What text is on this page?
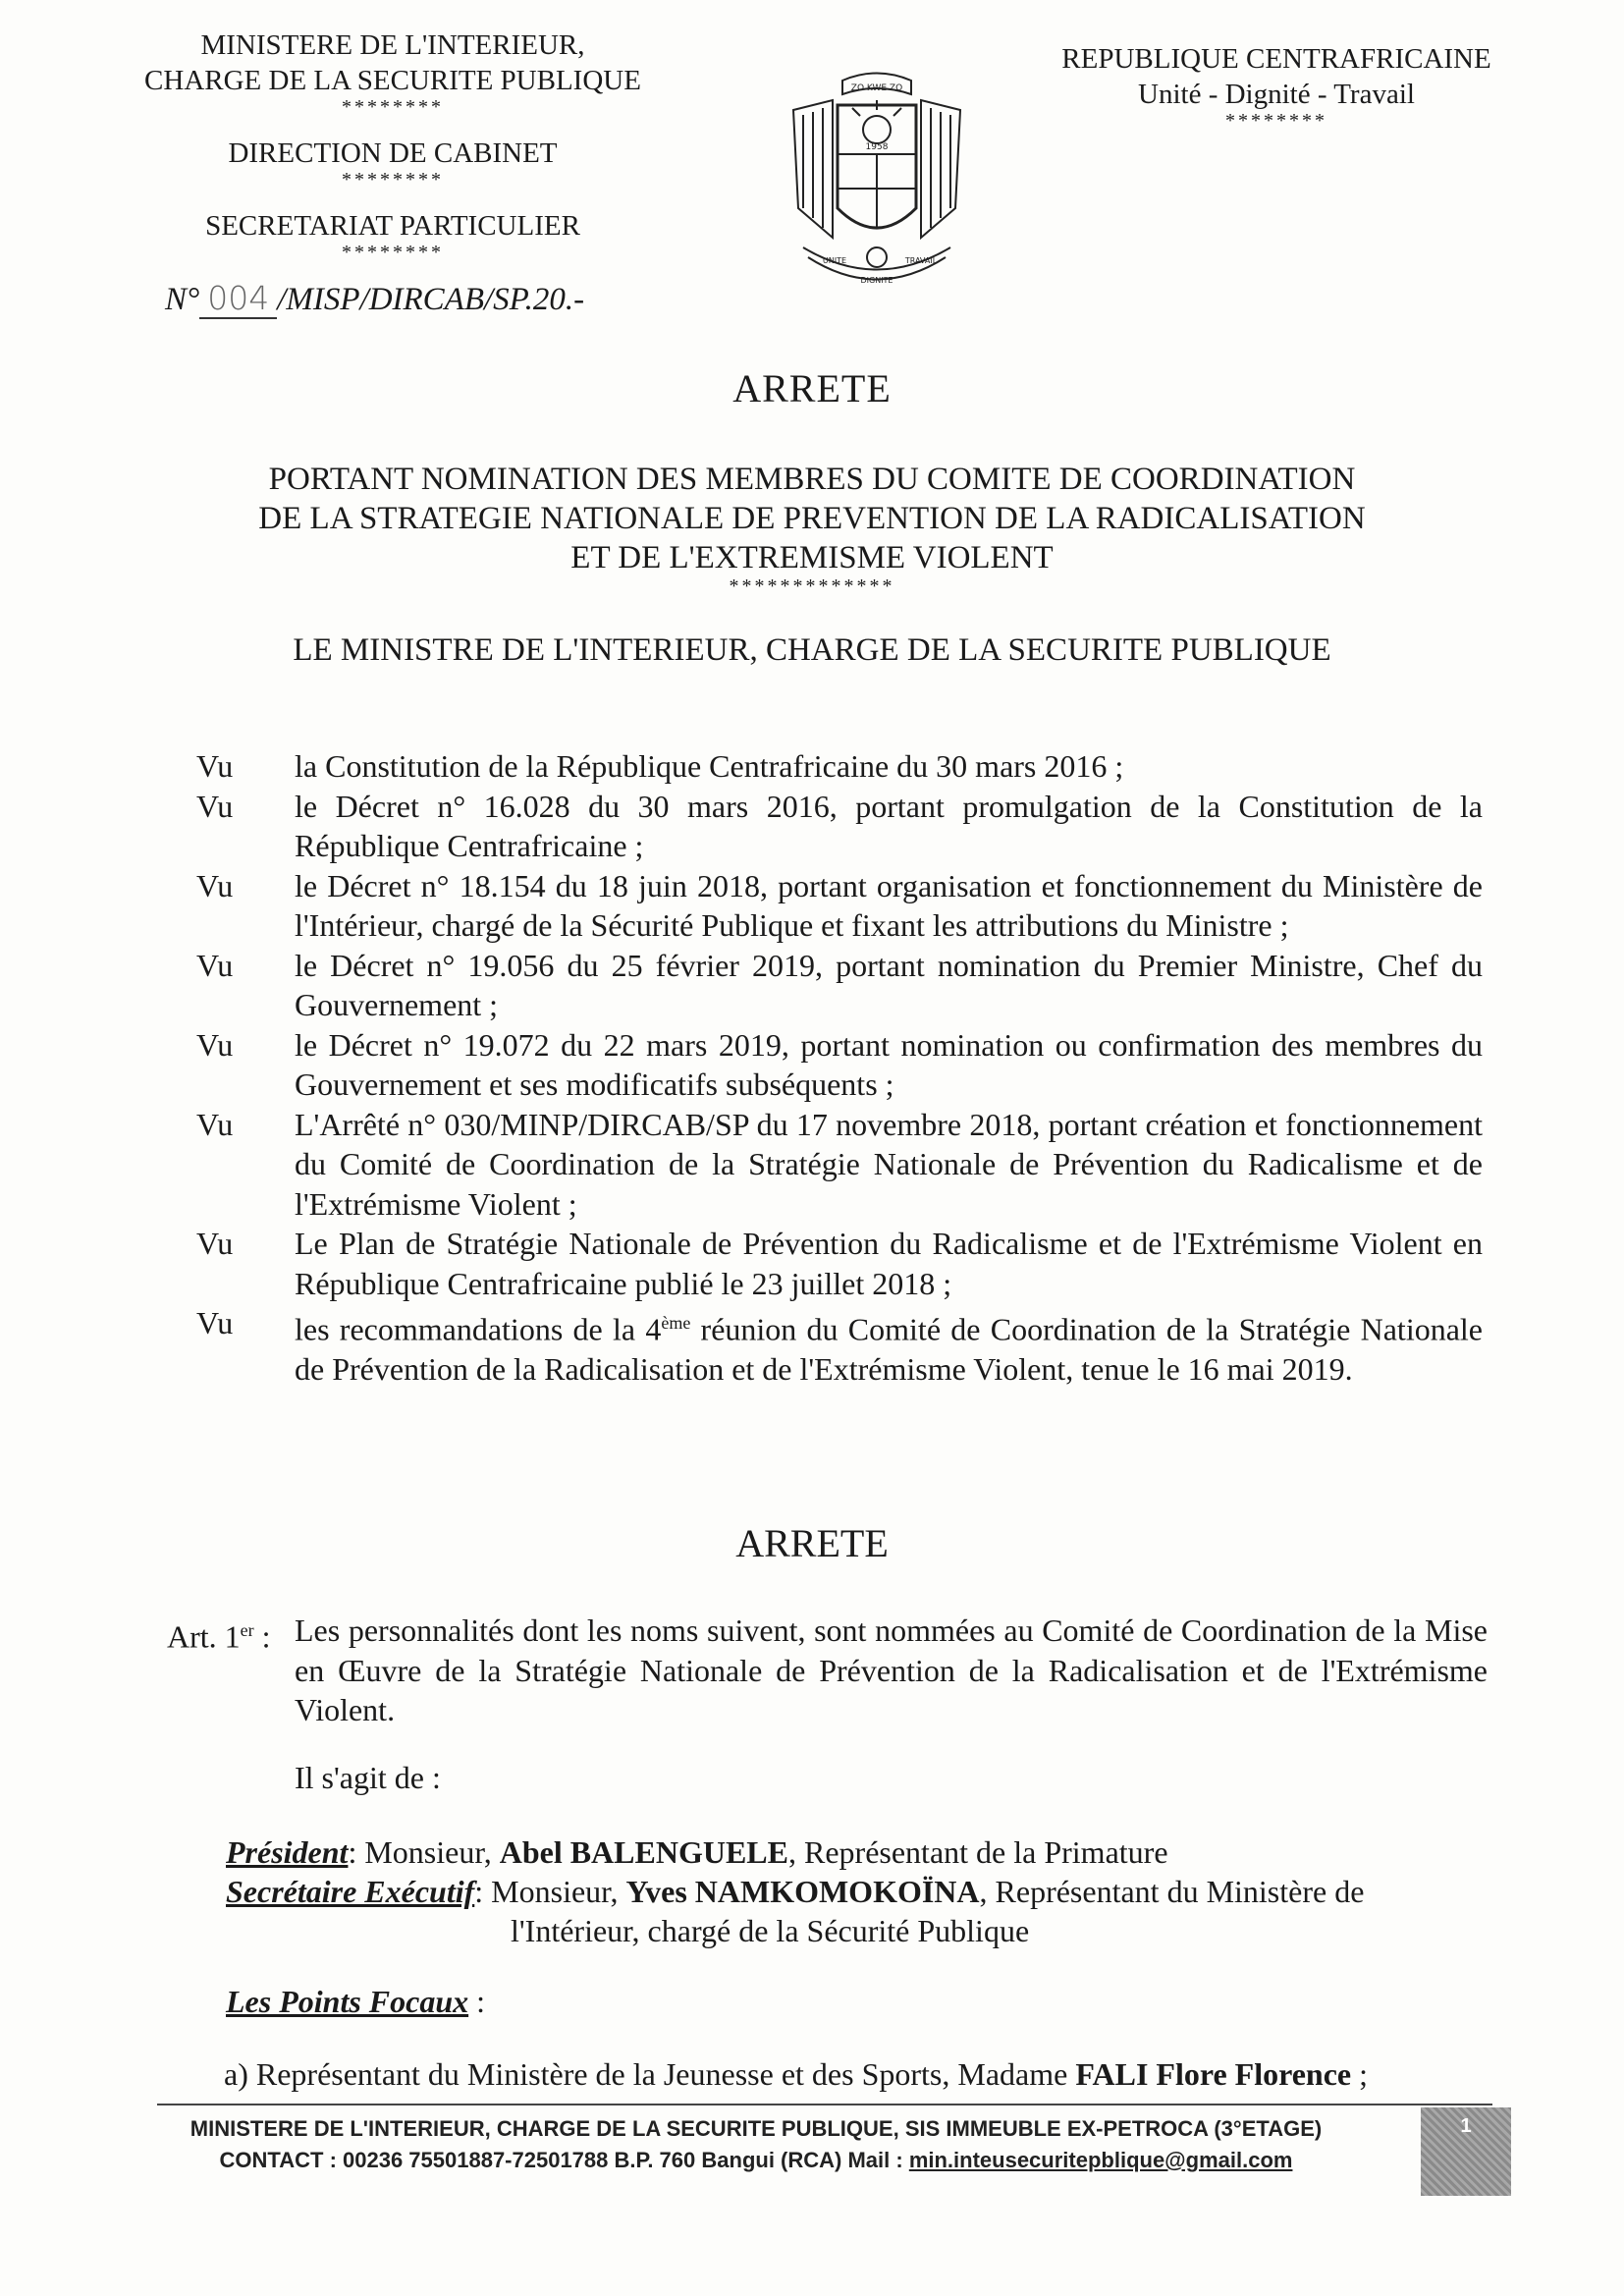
MINISTERE DE L'INTERIEUR,
CHARGE DE LA SECURITE PUBLIQUE
********
DIRECTION DE CABINET
********
SECRETARIAT PARTICULIER
********
N° 004 /MISP/DIRCAB/SP.20.-
ZO KWE ZO
1958
UNITE	TRAVAIL
DIGNITE
REPUBLIQUE CENTRAFRICAINE
Unité - Dignité - Travail
********
ARRETE
PORTANT NOMINATION DES MEMBRES DU COMITE DE COORDINATION
DE LA STRATEGIE NATIONALE DE PREVENTION DE LA RADICALISATION
ET DE L'EXTREMISME VIOLENT
*************
LE MINISTRE DE L'INTERIEUR, CHARGE DE LA SECURITE PUBLIQUE
Vu	la Constitution de la République Centrafricaine du 30 mars 2016 ;
Vu	le Décret n° 16.028 du 30 mars 2016, portant promulgation de la Constitution de la République Centrafricaine ;
Vu	le Décret n° 18.154 du 18 juin 2018, portant organisation et fonctionnement du Ministère de l'Intérieur, chargé de la Sécurité Publique et fixant les attributions du Ministre ;
Vu	le Décret n° 19.056 du 25 février 2019, portant nomination du Premier Ministre, Chef du Gouvernement ;
Vu	le Décret n° 19.072 du 22 mars 2019, portant nomination ou confirmation des membres du Gouvernement et ses modificatifs subséquents ;
Vu	L'Arrêté n° 030/MINP/DIRCAB/SP du 17 novembre 2018, portant création et fonctionnement du Comité de Coordination de la Stratégie Nationale de Prévention du Radicalisme et de l'Extrémisme Violent ;
Vu	Le Plan de Stratégie Nationale de Prévention du Radicalisme et de l'Extrémisme Violent en République Centrafricaine publié le 23 juillet 2018 ;
Vu	les recommandations de la 4ème réunion du Comité de Coordination de la Stratégie Nationale de Prévention de la Radicalisation et de l'Extrémisme Violent, tenue le 16 mai 2019.
ARRETE
Art. 1er : Les personnalités dont les noms suivent, sont nommées au Comité de Coordination de la Mise en Œuvre de la Stratégie Nationale de Prévention de la Radicalisation et de l'Extrémisme Violent.
Il s'agit de :
Président: Monsieur, Abel BALENGUELE, Représentant de la Primature
Secrétaire Exécutif: Monsieur, Yves NAMKOMOKOÏNA, Représentant du Ministère de
l'Intérieur, chargé de la Sécurité Publique
Les Points Focaux :
a) Représentant du Ministère de la Jeunesse et des Sports, Madame FALI Flore Florence ;
MINISTERE DE L'INTERIEUR, CHARGE DE LA SECURITE PUBLIQUE, SIS IMMEUBLE EX-PETROCA (3°ETAGE)
CONTACT : 00236 75501887-72501788 B.P. 760 Bangui (RCA) Mail : min.inteusecuritepblique@gmail.com
1
